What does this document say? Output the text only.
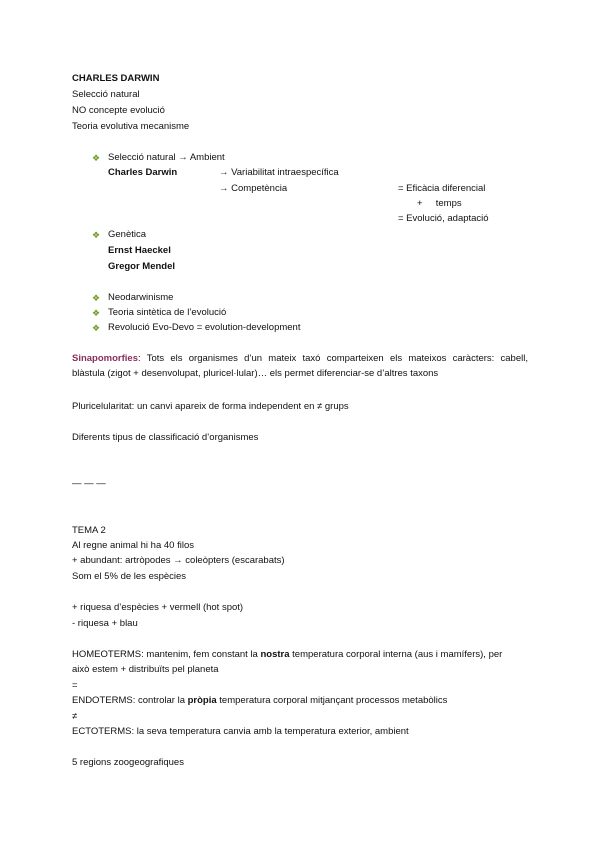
CHARLES DARWIN
Selecció natural
NO concepte evolució
Teoria evolutiva mecanisme
❖ Selecció natural → Ambient
Charles Darwin	→ Variabilitat intraespecífica
→ Competència	= Eficàcia diferencial
+     temps
= Evolució, adaptació
❖ Genètica
Ernst Haeckel
Gregor Mendel
❖ Neodarwinisme
❖ Teoria sintètica de l’evolució
❖ Revolució Evo-Devo = evolution-development
Sinapomorfies: Tots els organismes d’un mateix taxó comparteixen els mateixos caràcters: cabell,
blàstula (zigot + desenvolupat, pluricel·lular)… els permet diferenciar-se d’altres taxons
Pluricelularitat: un canvi apareix de forma independent en ≠ grups
Diferents tipus de classificació d’organismes
— — —
TEMA 2
Al regne animal hi ha 40 filos
+ abundant: artròpodes → coleòpters (escarabats)
Som el 5% de les espècies
+ riquesa d’espècies + vermell (hot spot)
- riquesa + blau
HOMEOTERMS: mantenim, fem constant la nostra temperatura corporal interna (aus i mamífers), per
això estem + distribuïts pel planeta
=
ENDOTERMS: controlar la pròpia temperatura corporal mitjançant processos metabòlics
≠
ECTOTERMS: la seva temperatura canvia amb la temperatura exterior, ambient
5 regions zoogeografiques
